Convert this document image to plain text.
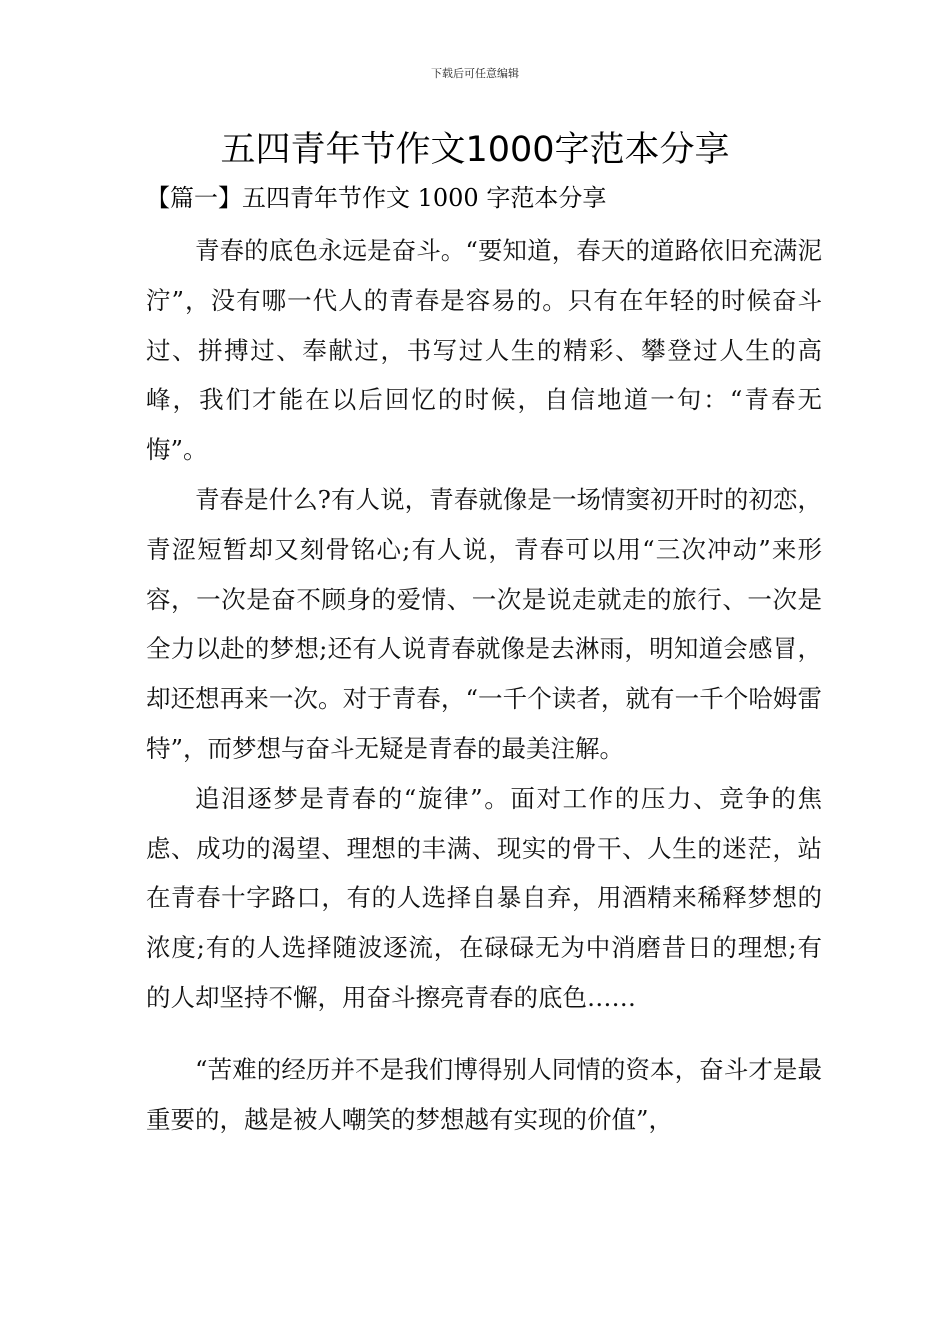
下载后可任意编辑
五四青年节作文1000字范本分享
【篇一】五四青年节作文 1000 字范本分享

青春的底色永远是奋斗。“要知道，春天的道路依旧充满泥泞”，没有哪一代人的青春是容易的。只有在年轻的时候奋斗过、拼搏过、奉献过，书写过人生的精彩、攀登过人生的高峰，我们才能在以后回忆的时候，自信地道一句：“青春无悔”。

青春是什么?有人说，青春就像是一场情窦初开时的初恋，青涩短暂却又刻骨铭心;有人说，青春可以用“三次冲动”来形容，一次是奋不顾身的爱情、一次是说走就走的旅行、一次是全力以赴的梦想;还有人说青春就像是去淋雨，明知道会感冒，却还想再来一次。对于青春，“一千个读者，就有一千个哈姆雷特”，而梦想与奋斗无疑是青春的最美注解。

追泪逐梦是青春的“旋律”。面对工作的压力、竞争的焦虑、成功的渴望、理想的丰满、现实的骨干、人生的迷茫，站在青春十字路口，有的人选择自暴自弃，用酒精来稀释梦想的浓度;有的人选择随波逐流，在碌碌无为中消磨昔日的理想;有的人却坚持不懈，用奋斗擦亮青春的底色……

“苦难的经历并不是我们博得别人同情的资本，奋斗才是最重要的，越是被人嘲笑的梦想越有实现的价值”，
